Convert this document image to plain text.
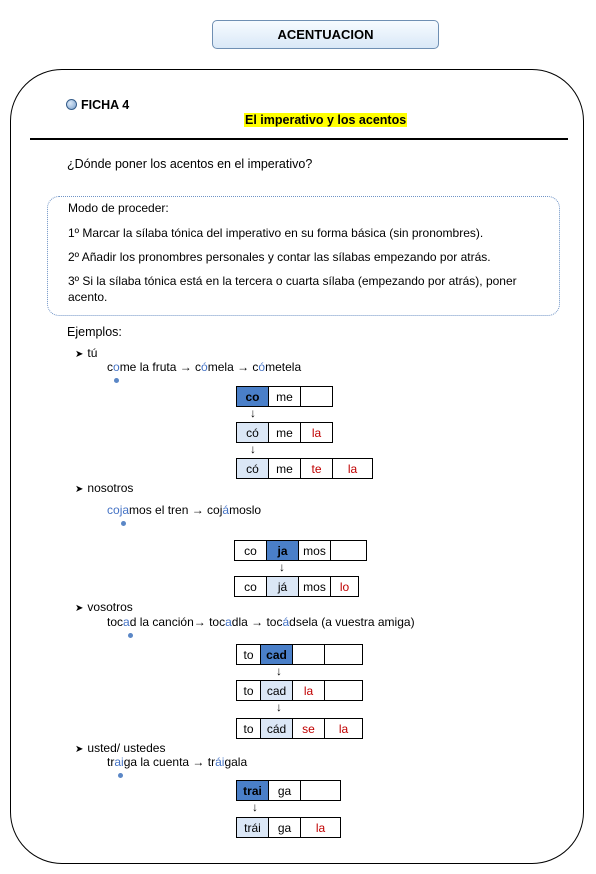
ACENTUACION
FICHA 4
El imperativo y los acentos
¿Dónde poner los acentos en el imperativo?
Modo de proceder:
1º Marcar la sílaba tónica del imperativo en su forma básica (sin pronombres).
2º Añadir los pronombres personales y contar las sílabas empezando por atrás.
3º Si la sílaba tónica está en la tercera o cuarta sílaba (empezando por atrás), poner acento.
Ejemplos:
➤ tú
come la fruta → cómela → cómetela
co	me	
↓
có	me	la
↓
có	me	te	la
➤ nosotros
cojamos el tren → cojámoslo
co	ja	mos	
↓
co	já	mos	lo
➤ vosotros
tocad la canción→ tocadla → tocádsela (a vuestra amiga)
to	cad		
↓
to	cad	la	
↓
to	cád	se	la
➤ usted/ ustedes
traiga la cuenta → tráigala
trai	ga	
↓
trái	ga	la
